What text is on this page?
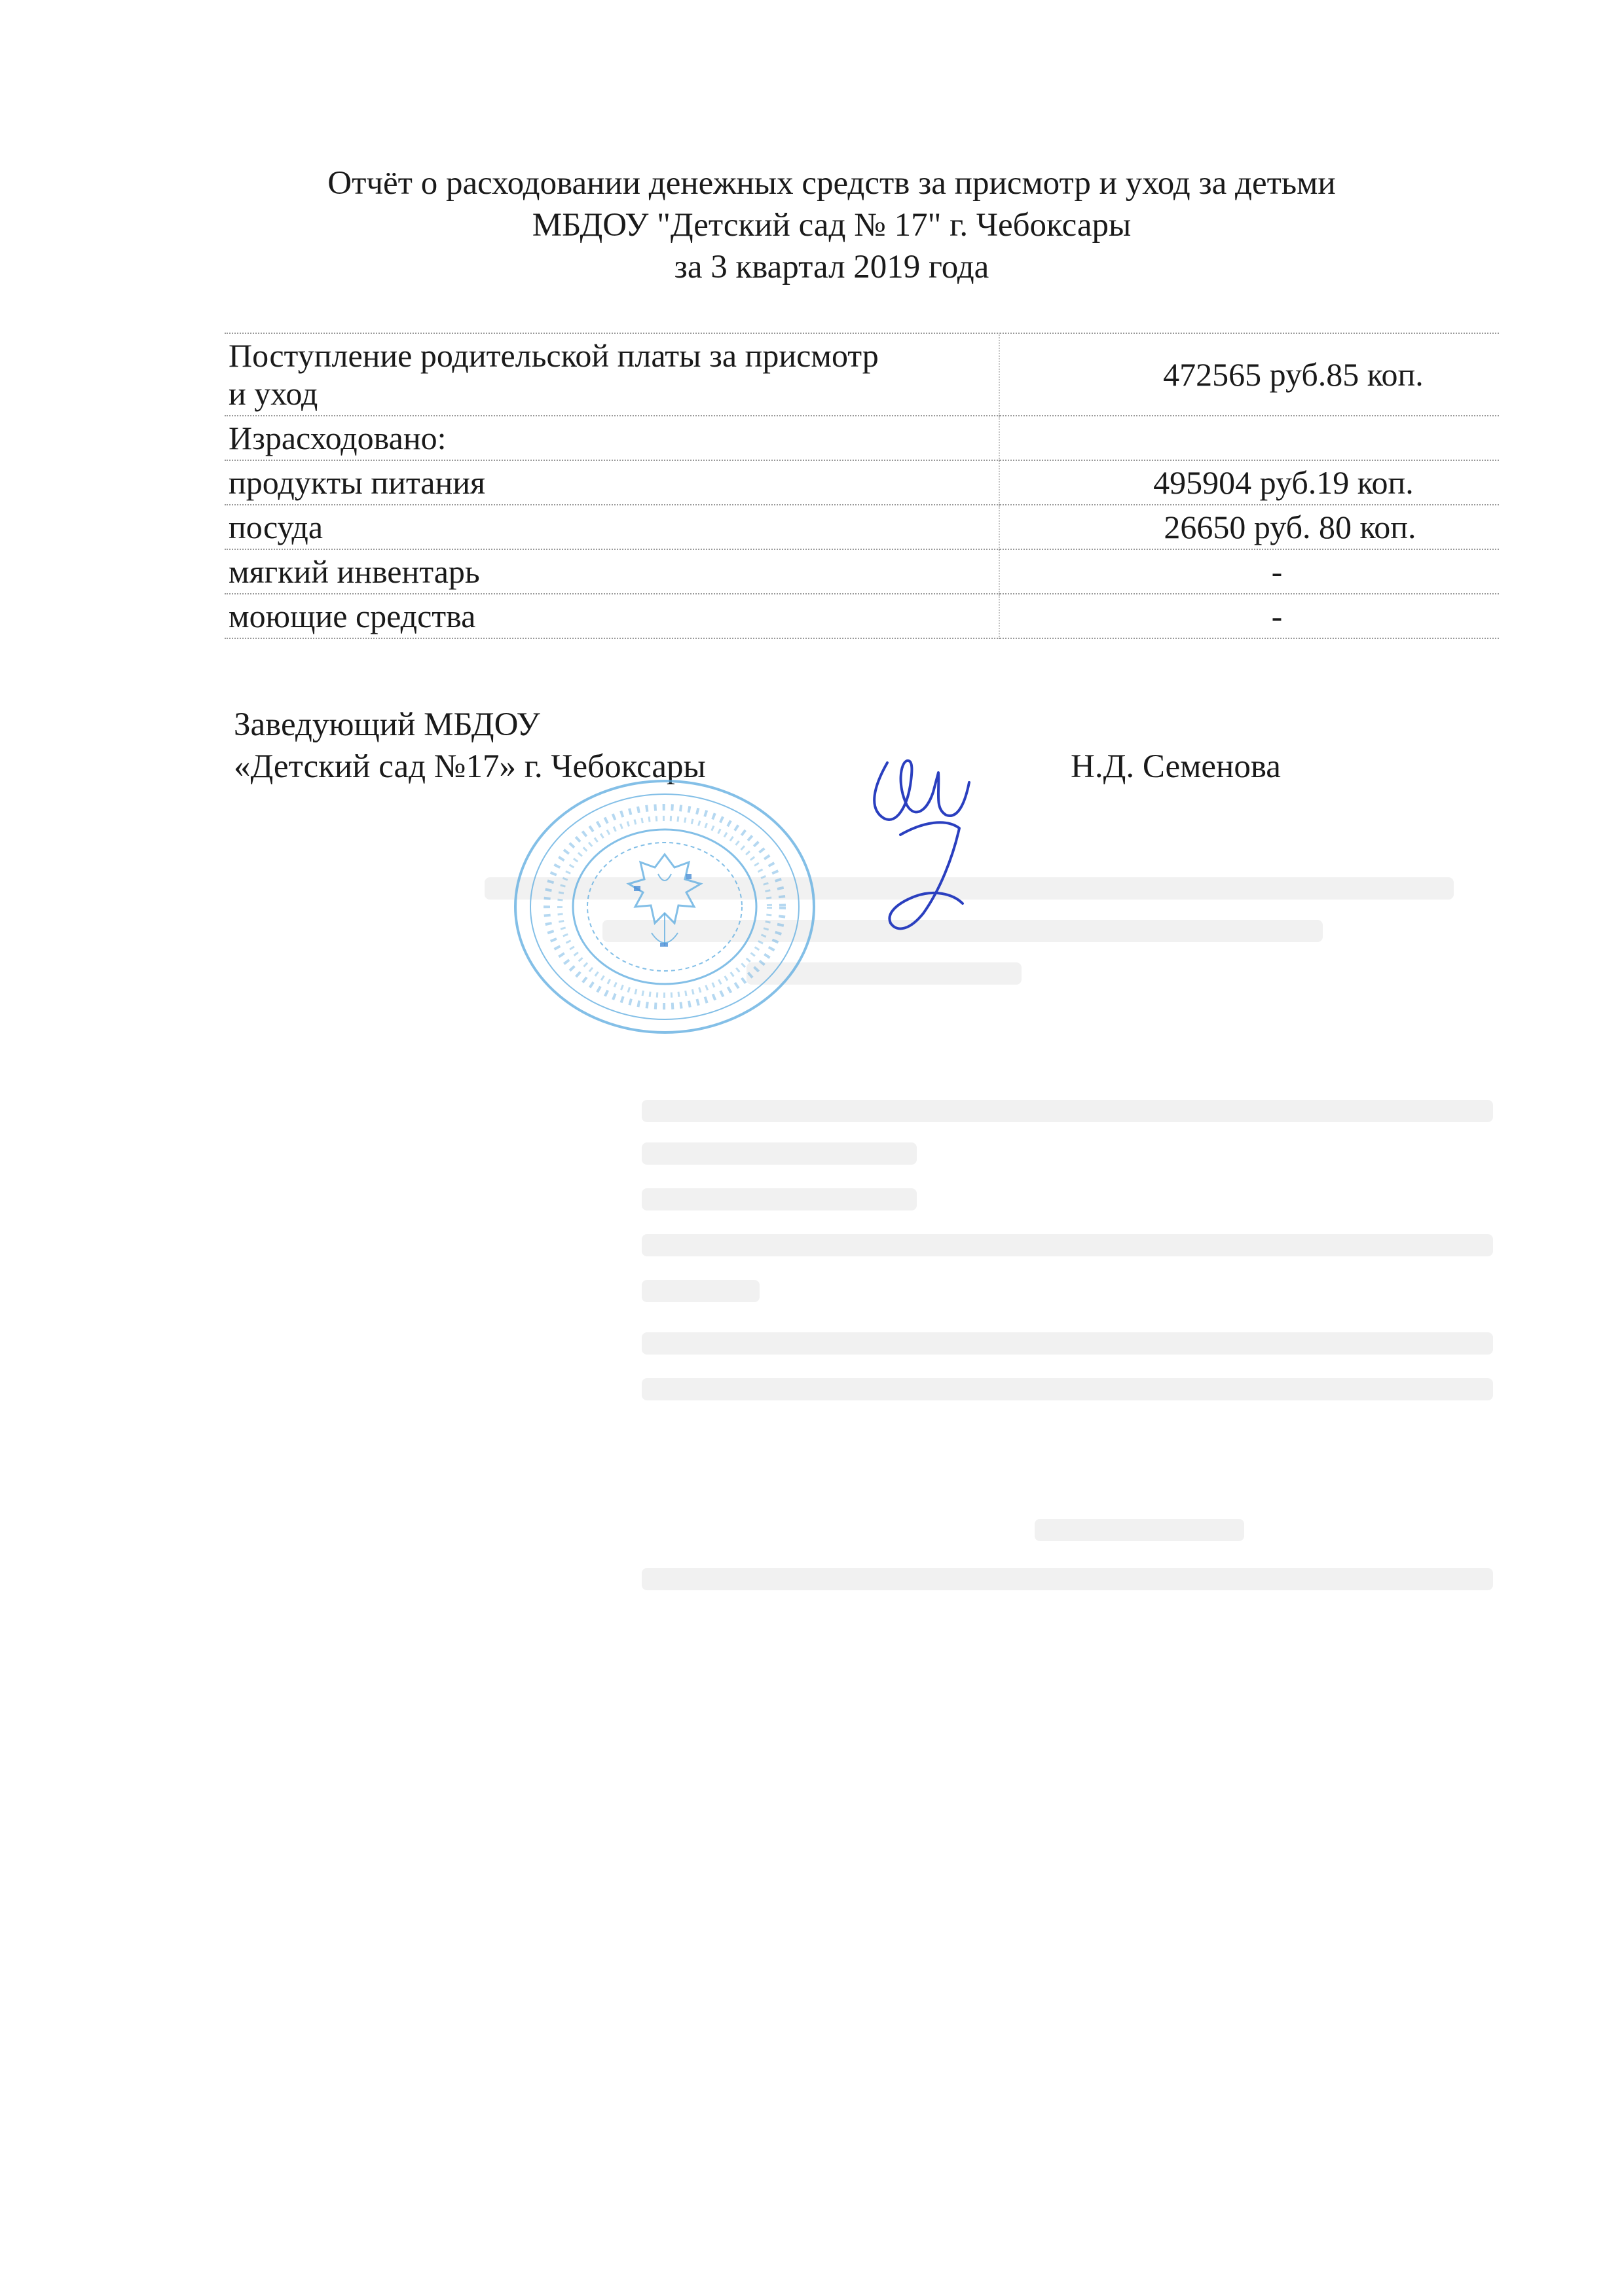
Отчёт о расходовании денежных средств за присмотр и уход за детьми
МБДОУ "Детский сад № 17" г. Чебоксары
за 3 квартал 2019 года
Поступление родительской платы за присмотр
и уход	472565 руб.85 коп.
Израсходовано:	
продукты питания	495904 руб.19 коп.
посуда	26650 руб. 80 коп.
мягкий инвентарь	-
моющие средства	-
Заведующий МБДОУ
«Детский сад №17» г. Чебоксары	Н.Д. Семенова
